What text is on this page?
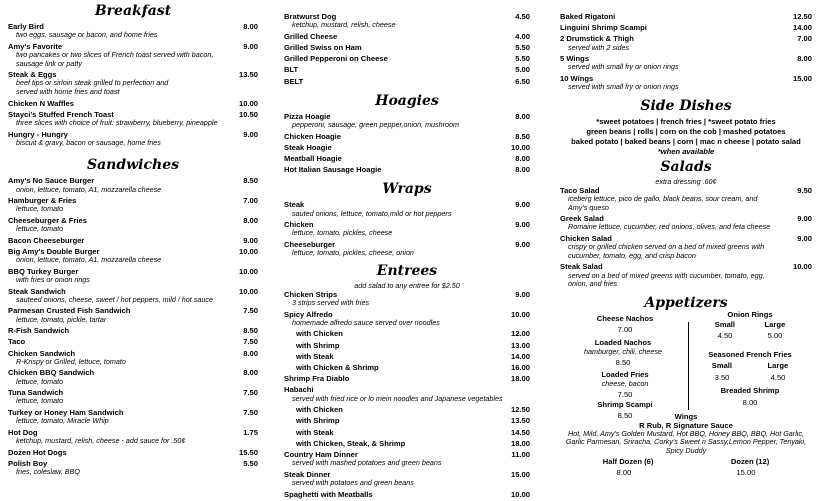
Breakfast
Early Bird	8.00
two eggs, sausage or bacon, and home fries
Amy's Favorite	9.00
two pancakes or two slices of French toast served with bacon,
sausage link or patty
Steak & Eggs	13.50
beef tips or sirloin steak grilled to perfection and
served with home fries and toast
Chicken N Waffles	10.00
Stayci's Stuffed French Toast	10.50
three slices with choice of fruit: strawberry, blueberry, pineapple
Hungry - Hungry	9.00
biscuit & gravy, bacon or sausage, home fries
Sandwiches
Amy's No Sauce Burger	8.50
onion, lettuce, tomato, A1, mozzarella cheese
Hamburger & Fries	7.00
lettuce, tomato
Cheeseburger & Fries	8.00
lettuce, tomato
Bacon Cheeseburger	9.00
Big Amy's Double Burger	10.00
onion, lettuce, tomato, A1, mozzarella cheese
BBQ Turkey Burger	10.00
with fries or onion rings
Steak Sandwich	10.00
sauteed onions, cheese, sweet / hot peppers, mild / hot sauce
Parmesan Crusted Fish Sandwich	7.50
lettuce, tomato, pickle, tartar
R-Fish Sandwich	8.50
Taco	7.50
Chicken Sandwich	8.00
R-Krispy or Grilled, lettuce, tomato
Chicken BBQ Sandwich	8.00
lettuce, tomato
Tuna Sandwich	7.50
lettuce, tomato
Turkey or Honey Ham Sandwich	7.50
lettuce, tomato, Miracle Whip
Hot Dog	1.75
ketchup, mustard, relish, cheese - add sauce for .50¢
Dozen Hot Dogs	15.50
Polish Boy	5.50
fries, coleslaw, BBQ
Bratwurst Dog	4.50
ketchup, mustard, relish, cheese
Grilled Cheese	4.00
Grilled Swiss on Ham	5.50
Grilled Pepperoni on Cheese	5.50
BLT	5.00
BELT	6.50
Hoagies
Pizza Hoagie	8.00
pepperoni, sausage, green pepper,onion, mushroom
Chicken Hoagie	8.50
Steak Hoagie	10.00
Meatball Hoagie	8.00
Hot Italian Sausage Hoagie	8.00
Wraps
Steak	9.00
sauted onions, lettuce, tomato,mild or hot peppers
Chicken	9.00
lettuce, tomato, pickles, cheese
Cheeseburger	9.00
lettuce, tomato, pickles, cheese, onion
Entrees
add salad to any entree for $2.50
Chicken Strips	9.00
3 strips served with fries
Spicy Alfredo	10.00
homemade alfredo sauce served over noodles
with Chicken	12.00
with Shrimp	13.00
with Steak	14.00
with Chicken & Shrimp	16.00
Shrimp Fra Diablo	18.00
Habachi
served with fried rice or lo mein noodles and Japanese vegetables
with Chicken	12.50
with Shrimp	13.50
with Steak	14.50
with Chicken, Steak, & Shrimp	18.00
Country Ham Dinner	11.00
served with mashed potatoes and green beans
Steak Dinner	15.00
served with potatoes and green beans
Spaghetti with Meatballs	10.00
Baked Rigatoni	12.50
Linguini Shrimp Scampi	14.00
2 Drumstick & Thigh	7.00
served with 2 sides
5 Wings	8.00
served with small fry or onion rings
10 Wings	15.00
served with small fry or onion rings
Side Dishes
*sweet potatoes | french fries | *sweet potato fries
green beans | rolls | corn on the cob | mashed potatoes
baked potato | baked beans | corn | mac n cheese | potato salad
*when available
Salads
extra dressing .60¢
Taco Salad	9.50
iceberg lettuce, pico de gallo, black beans, sour cream, and
Amy's queso
Greek Salad	9.00
Romaine lettuce, cucumber, red onions, olives, and feta cheese
Chicken Salad	9.00
crispy or grilled chicken served on a bed of mixed greens with
cucumber, tomato, egg, and crisp bacon
Steak Salad	10.00
served on a bed of mixed greens with cucumber, tomato, egg,
onion, and fries
Appetizers
Cheese Nachos
7.00
Loaded Nachos
hamburger, chili, cheese
8.50
Loaded Fries
cheese, bacon
7.50
Shrimp Scampi
8.50
Onion Rings
Small	Large
4.50	5.00
Seasoned French Fries
Small	Large
3.50	4.50
Breaded Shrimp
8.00
Wings
R Rub, R Signature Sauce
Hot, Mild, Amy's Golden Mustard, Hot BBQ, Honey BBQ, BBQ, Hot Garlic, Garlic Parmesan, Sriracha, Corky's Sweet n Sassy,Lemon Pepper, Teriyaki, Spicy Duddy
Half Dozen (6)	Dozen (12)
8.00	15.00
